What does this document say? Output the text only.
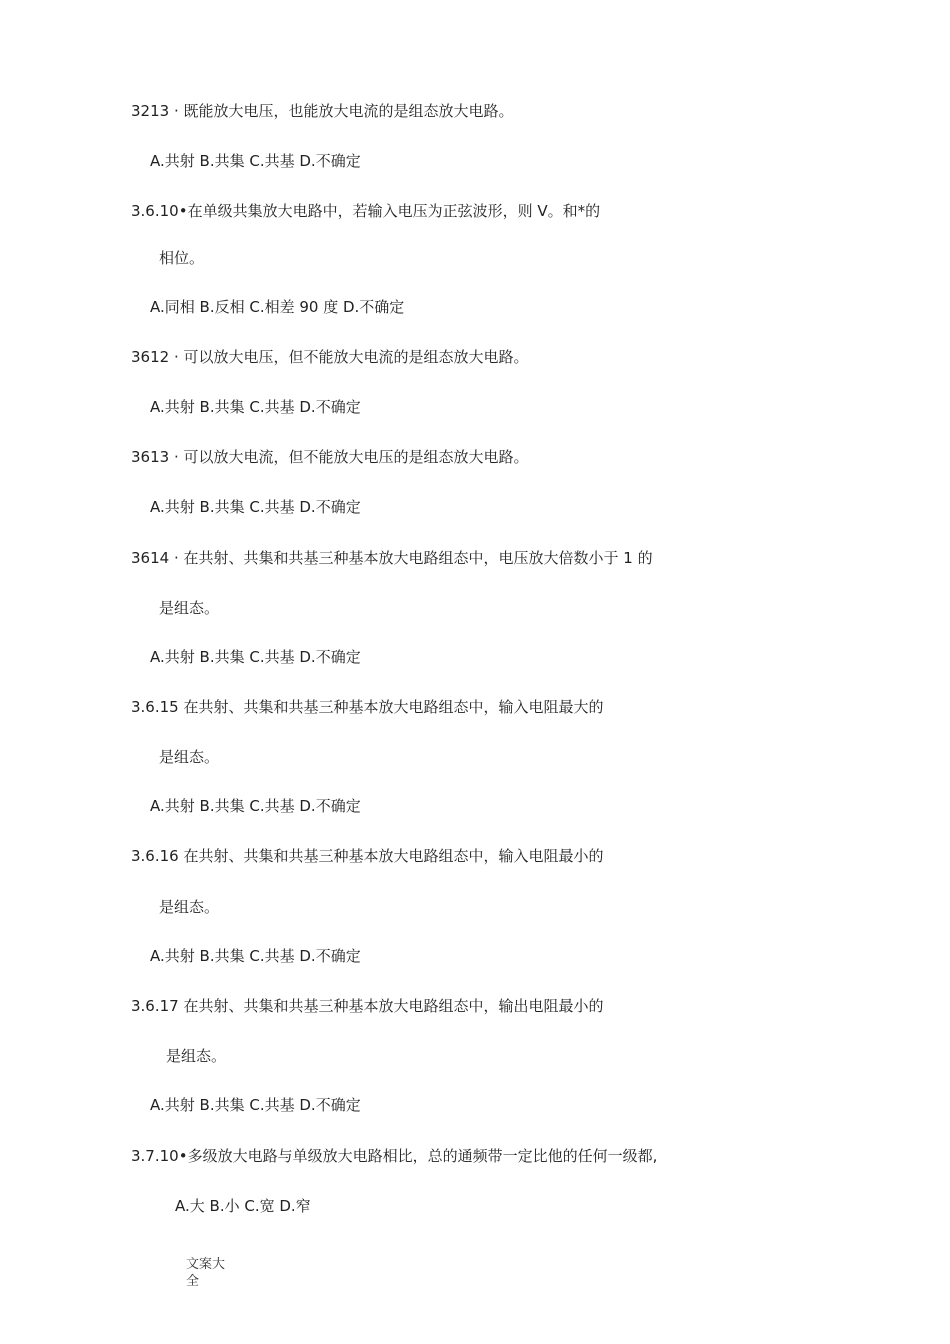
3213 · 既能放大电压，也能放大电流的是组态放大电路。
A.共射 B.共集 C.共基 D.不确定
3.6.10•在单级共集放大电路中，若输入电压为正弦波形，则 V。和*的
相位。
A.同相 B.反相 C.相差 90 度 D.不确定
3612 · 可以放大电压，但不能放大电流的是组态放大电路。
A.共射 B.共集 C.共基 D.不确定
3613 · 可以放大电流，但不能放大电压的是组态放大电路。
A.共射 B.共集 C.共基 D.不确定
3614 · 在共射、共集和共基三种基本放大电路组态中，电压放大倍数小于 1 的
是组态。
A.共射 B.共集 C.共基 D.不确定
3.6.15 在共射、共集和共基三种基本放大电路组态中，输入电阻最大的
是组态。
A.共射 B.共集 C.共基 D.不确定
3.6.16 在共射、共集和共基三种基本放大电路组态中，输入电阻最小的
是组态。
A.共射 B.共集 C.共基 D.不确定
3.6.17 在共射、共集和共基三种基本放大电路组态中，输出电阻最小的
是组态。
A.共射 B.共集 C.共基 D.不确定
3.7.10•多级放大电路与单级放大电路相比，总的通频带一定比他的任何一级都,
A.大 B.小 C.宽 D.窄
文案大全
